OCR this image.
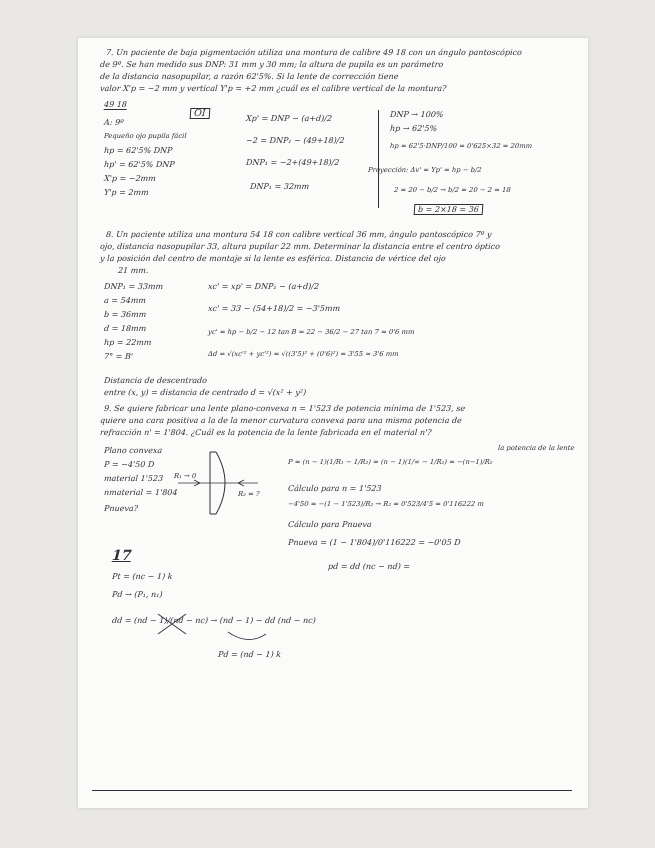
7. Un paciente de baja pigmentación utiliza una montura de calibre 49 18 con un ángulo pantoscópico
de 9º. Se han medido sus DNP: 31 mm y 30 mm; la altura de pupila es un parámetro
de la distancia nasopupilar, a razón 62'5%. Si la lente de corrección tiene
valor X'p = −2 mm y vertical Y'p = +2 mm ¿cuál es el calibre vertical de la montura?
49 18
OI
A: 9º
Pequeño ojo pupila fácil
hp = 62'5% DNP
hp' = 62'5% DNP
X'p = −2mm
Y'p = 2mm
Xp' = DNP − (a+d)/2
−2 = DNP₁ − (49+18)/2
DNP₁ = −2+(49+18)/2
DNP₁ = 32mm
DNP → 100%
hp → 62'5%
hp = 62'5·DNP/100 = 0'625×32 = 20mm
Proyección: Δv' = Yp' = hp − b/2
2 = 20 − b/2 → b/2 = 20 − 2 = 18
b = 2×18 = 36
8. Un paciente utiliza una montura 54 18 con calibre vertical 36 mm, ángulo pantoscópico 7º y
ojo, distancia nasopupilar 33, altura pupilar 22 mm. Determinar la distancia entre el centro óptico
y la posición del centro de montaje si la lente es esférica. Distancia de vértice del ojo
21 mm.
DNP₁ = 33mm
a = 54mm
b = 36mm
d = 18mm
hp = 22mm
7° = B'
xc' = xp' = DNP₁ − (a+d)/2
xc' = 33 − (54+18)/2 = −3'5mm
yc' = hp − b/2 − 12 tan B = 22 − 36/2 − 27 tan 7 = 0'6 mm
Δd = √(xc'² + yc'²) = √((3'5)² + (0'6)²) = 3'55 ≈ 3'6 mm
Distancia de descentrado
entre (x, y) = distancia de centrado d = √(x² + y²)
9. Se quiere fabricar una lente plano-convexa n = 1'523 de potencia mínima de 1'523, se
quiere una cara positiva a la de la menor curvatura convexa para una misma potencia de
refracción n' = 1'804. ¿Cuál es la potencia de la lente fabricada en el material n'?
Plano convexa
P = −4'50 D
material 1'523
nmaterial = 1'804
Pnueva?
R₁ → 0
R₂ = ?
P = (n − 1)(1/R₁ − 1/R₂) = (n − 1)(1/∞ − 1/R₂) = −(n−1)/R₂
la potencia de la lente
Cálculo para n = 1'523
−4'50 = −(1 − 1'523)/R₂ → R₂ = 0'523/4'5 = 0'116222 m
Cálculo para Pnueva
Pnueva = (1 − 1'804)/0'116222 = −0'05 D
17
Pt = (nc − 1) k
Pd → (P₁, n₁)
dd = (nd − 1)/(nd − nc) → (nd − 1) − dd (nd − nc)
Pd = (nd − 1) k
pd = dd (nc − nd) =
